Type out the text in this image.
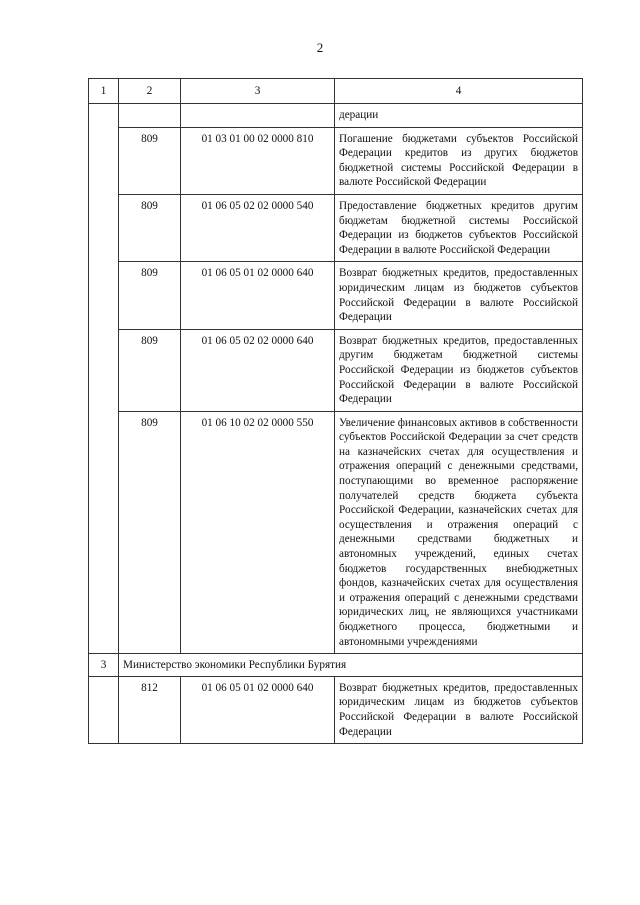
2
1	2	3	4
			дерации
	809	01 03 01 00 02 0000 810	Погашение бюджетами субъектов Российской Федерации кредитов из других бюджетов бюджетной системы Российской Федерации в валюте Российской Федерации
	809	01 06 05 02 02 0000 540	Предоставление бюджетных кредитов другим бюджетам бюджетной системы Российской Федерации из бюджетов субъектов Российской Федерации в валюте Российской Федерации
	809	01 06 05 01 02 0000 640	Возврат бюджетных кредитов, предоставленных юридическим лицам из бюджетов субъектов Российской Федерации в валюте Российской Федерации
	809	01 06 05 02 02 0000 640	Возврат бюджетных кредитов, предоставленных другим бюджетам бюджетной системы Российской Федерации из бюджетов субъектов Российской Федерации в валюте Российской Федерации
	809	01 06 10 02 02 0000 550	Увеличение финансовых активов в собственности субъектов Российской Федерации за счет средств на казначейских счетах для осуществления и отражения операций с денежными средствами, поступающими во временное распоряжение получателей средств бюджета субъекта Российской Федерации, казначейских счетах для осуществления и отражения операций с денежными средствами бюджетных и автономных учреждений, единых счетах бюджетов государственных внебюджетных фондов, казначейских счетах для осуществления и отражения операций с денежными средствами юридических лиц, не являющихся участниками бюджетного процесса, бюджетными и автономными учреждениями
3	Министерство экономики Республики Бурятия		
	812	01 06 05 01 02 0000 640	Возврат бюджетных кредитов, предоставленных юридическим лицам из бюджетов субъектов Российской Федерации в валюте Российской Федерации
